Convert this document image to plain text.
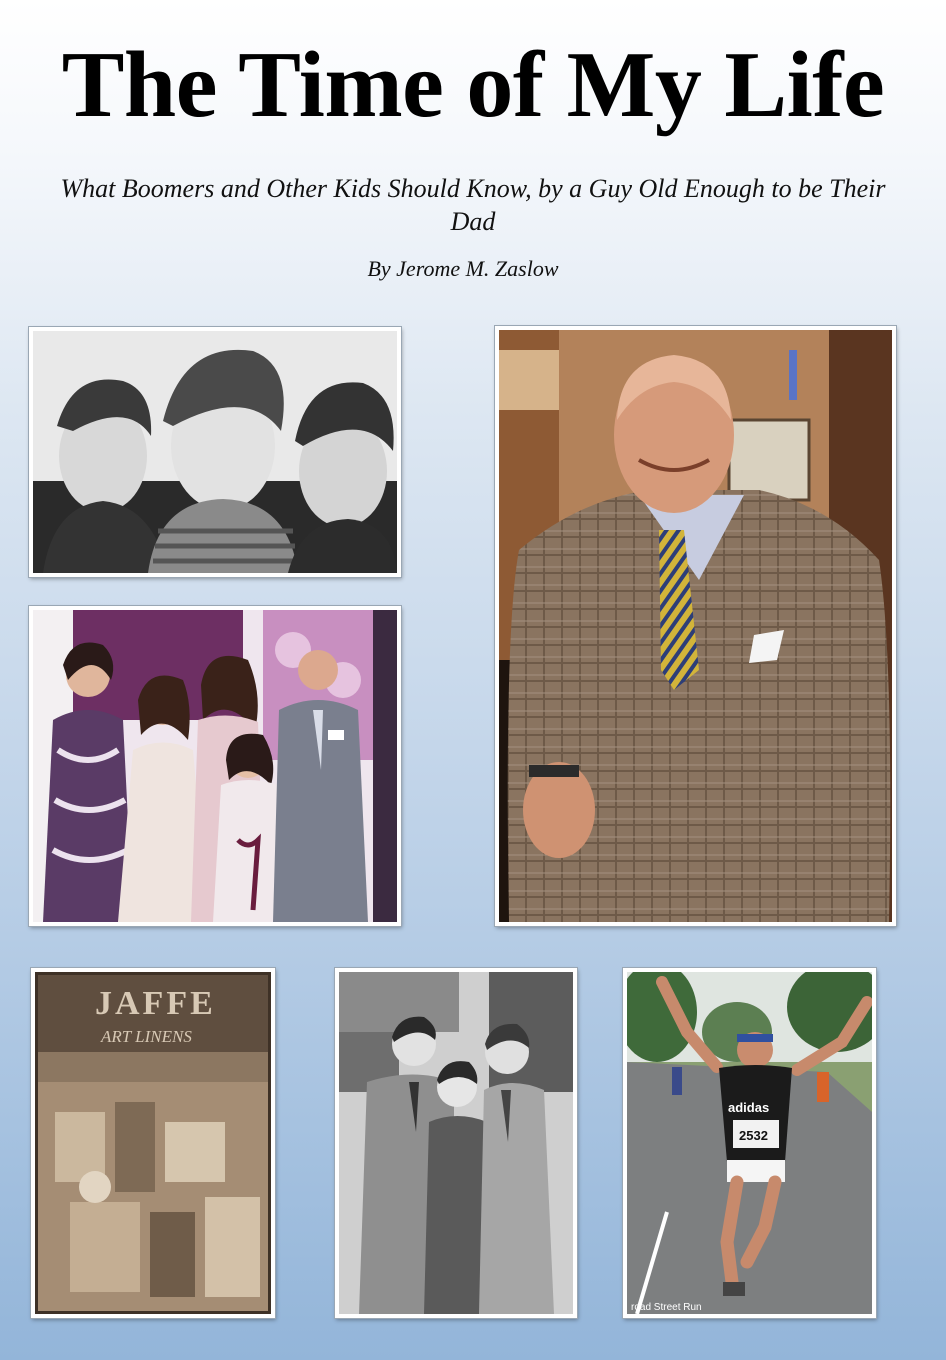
The Time of My Life

What Boomers and Other Kids Should Know, by a Guy Old Enough to be Their Dad

By Jerome M. Zaslow

JAFFE
ART LINENS
adidas
2532
road Street Run
